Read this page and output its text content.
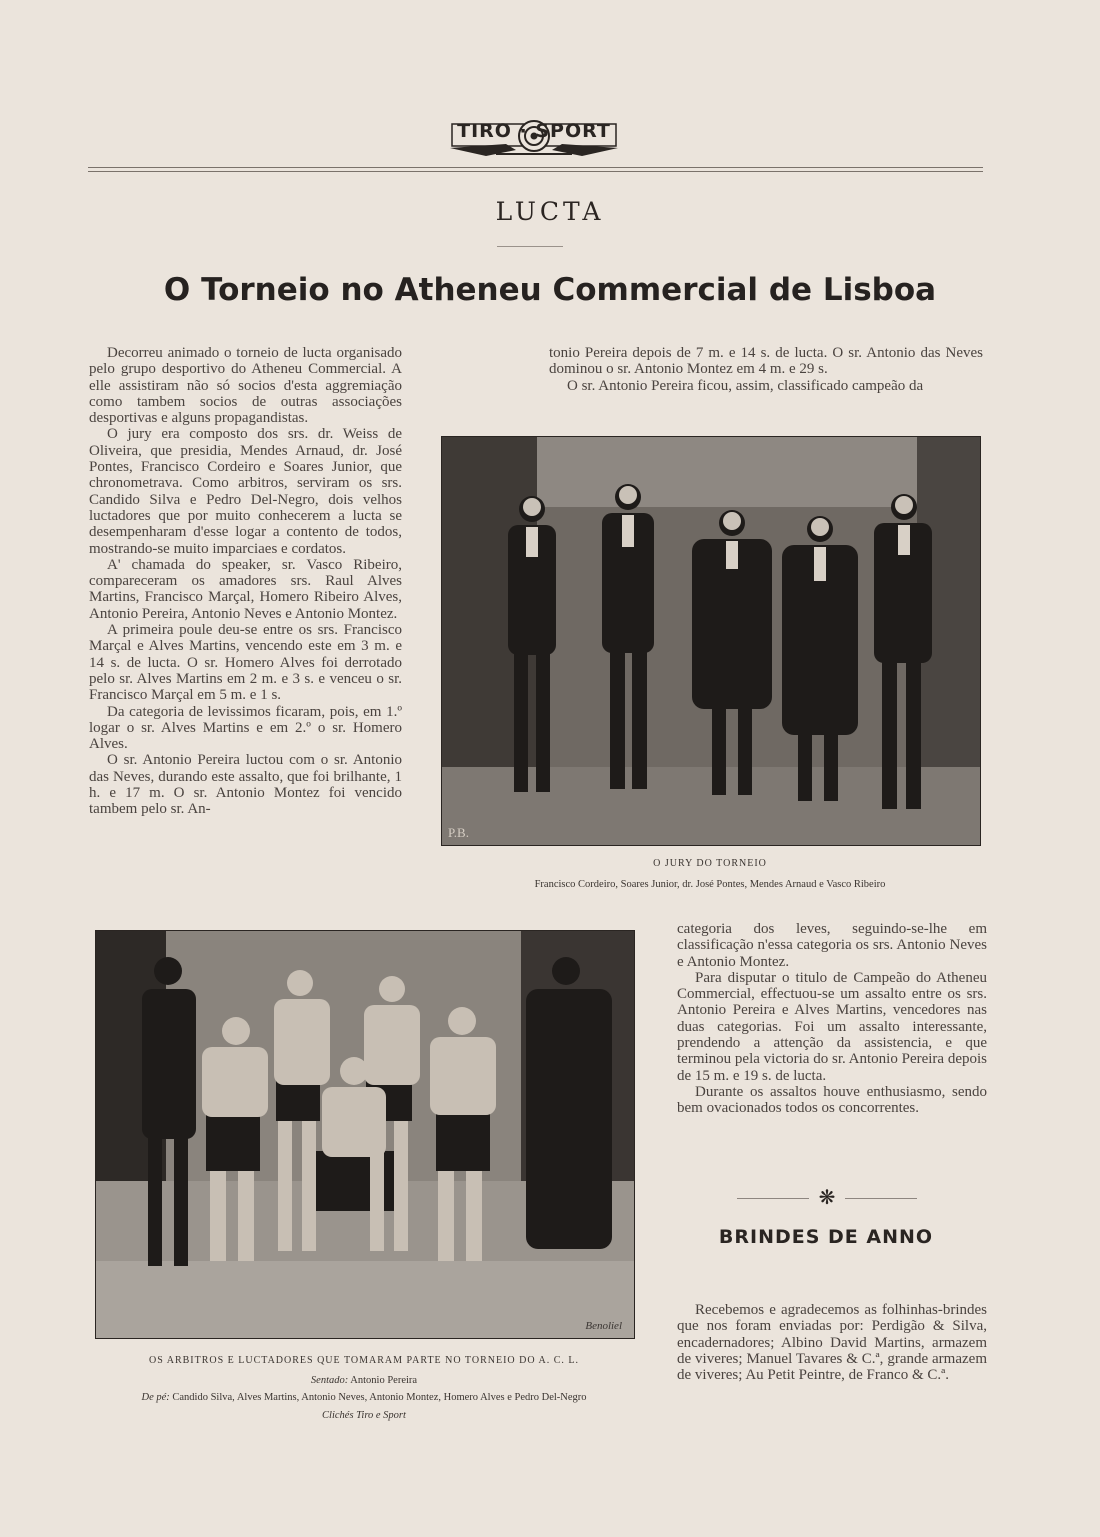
TIRO · SPORT
LUCTA
O Torneio no Atheneu Commercial de Lisboa

Decorreu animado o torneio de lucta organisado pelo grupo desportivo do Atheneu Commercial. A elle assistiram não só socios d'esta aggremiação como tambem socios de outras associações desportivas e alguns propagandistas.

O jury era composto dos srs. dr. Weiss de Oliveira, que presidia, Mendes Arnaud, dr. José Pontes, Francisco Cordeiro e Soares Junior, que chronometrava. Como arbitros, serviram os srs. Candido Silva e Pedro Del-Negro, dois velhos luctadores que por muito conhecerem a lucta se desempenharam d'esse logar a contento de todos, mostrando-se muito imparciaes e cordatos.

A' chamada do speaker, sr. Vasco Ribeiro, compareceram os amadores srs. Raul Alves Martins, Francisco Marçal, Homero Ribeiro Alves, Antonio Pereira, Antonio Neves e Antonio Montez.

A primeira poule deu-se entre os srs. Francisco Marçal e Alves Martins, vencendo este em 3 m. e 14 s. de lucta. O sr. Homero Alves foi derrotado pelo sr. Alves Martins em 2 m. e 3 s. e venceu o sr. Francisco Marçal em 5 m. e 1 s.

Da categoria de levissimos ficaram, pois, em 1.º logar o sr. Alves Martins e em 2.º o sr. Homero Alves.

O sr. Antonio Pereira luctou com o sr. Antonio das Neves, durando este assalto, que foi brilhante, 1 h. e 17 m. O sr. Antonio Montez foi vencido tambem pelo sr. An-

tonio Pereira depois de 7 m. e 14 s. de lucta. O sr. Antonio das Neves dominou o sr. Antonio Montez em 4 m. e 29 s.

O sr. Antonio Pereira ficou, assim, classificado campeão da

P.B.
O JURY DO TORNEIO
Francisco Cordeiro, Soares Junior, dr. José Pontes, Mendes Arnaud e Vasco Ribeiro
Benoliel
OS ARBITROS E LUCTADORES QUE TOMARAM PARTE NO TORNEIO DO A. C. L.
Sentado: Antonio Pereira
De pé: Candido Silva, Alves Martins, Antonio Neves, Antonio Montez, Homero Alves e Pedro Del-Negro
Clichés Tiro e Sport

categoria dos leves, seguindo-se-lhe em classificação n'essa categoria os srs. Antonio Neves e Antonio Montez.

Para disputar o titulo de Campeão do Atheneu Commercial, effectuou-se um assalto entre os srs. Antonio Pereira e Alves Martins, vencedores nas duas categorias. Foi um assalto interessante, prendendo a attenção da assistencia, e que terminou pela victoria do sr. Antonio Pereira depois de 15 m. e 19 s. de lucta.

Durante os assaltos houve enthusiasmo, sendo bem ovacionados todos os concorrentes.

❋
BRINDES DE ANNO

Recebemos e agradecemos as folhinhas-brindes que nos foram enviadas por: Perdigão & Silva, encadernadores; Albino David Martins, armazem de viveres; Manuel Tavares & C.ª, grande armazem de viveres; Au Petit Peintre, de Franco & C.ª.
